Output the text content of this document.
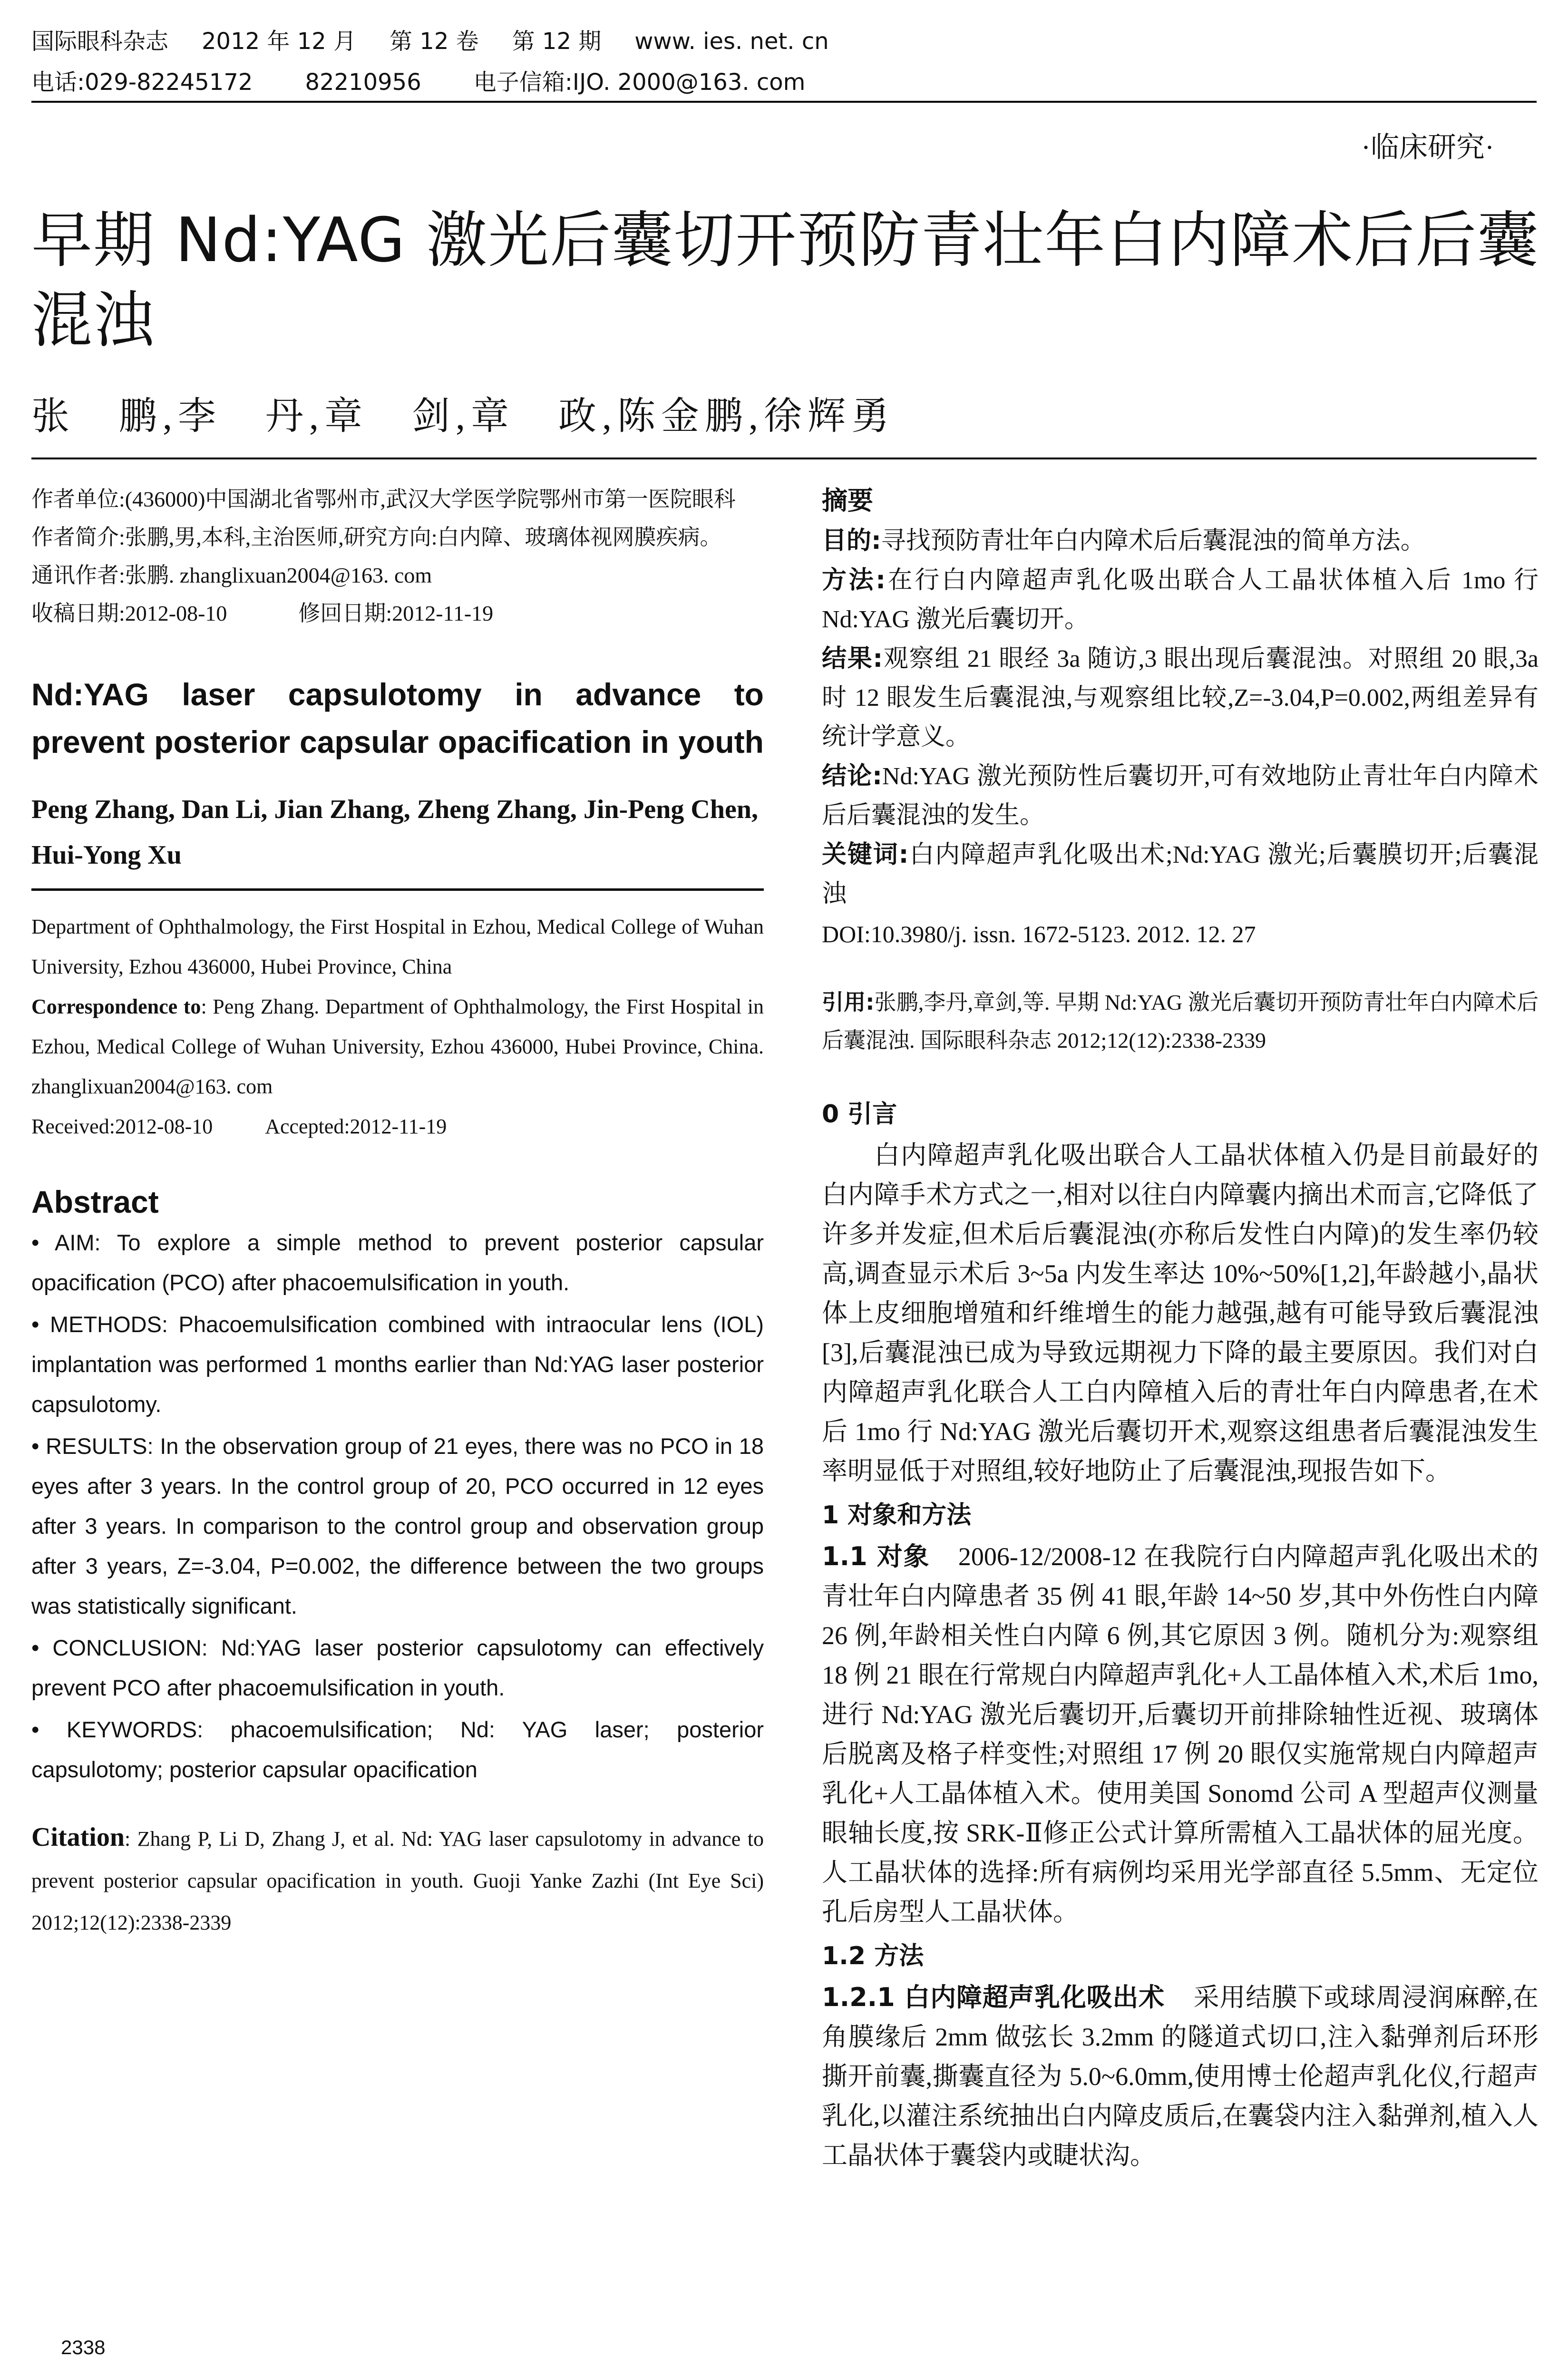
国际眼科杂志 2012 年 12 月 第 12 卷 第 12 期 www. ies. net. cn
电话:029-82245172 82210956 电子信箱:IJO. 2000@163. com
·临床研究·
早期 Nd:YAG 激光后囊切开预防青壮年白内障术后后囊混浊
张　鹏,李　丹,章　剑,章　政,陈金鹏,徐辉勇
作者单位:(436000)中国湖北省鄂州市,武汉大学医学院鄂州市第一医院眼科
作者简介:张鹏,男,本科,主治医师,研究方向:白内障、玻璃体视网膜疾病。
通讯作者:张鹏. zhanglixuan2004@163. com
收稿日期:2012-08-10	修回日期:2012-11-19
Nd:YAG laser capsulotomy in advance to prevent posterior capsular opacification in youth
Peng Zhang, Dan Li, Jian Zhang, Zheng Zhang, Jin-Peng Chen, Hui-Yong Xu
Department of Ophthalmology, the First Hospital in Ezhou, Medical College of Wuhan University, Ezhou 436000, Hubei Province, China
Correspondence to: Peng Zhang. Department of Ophthalmology, the First Hospital in Ezhou, Medical College of Wuhan University, Ezhou 436000, Hubei Province, China. zhanglixuan2004@163. com
Received:2012-08-10	Accepted:2012-11-19
Abstract

• AIM: To explore a simple method to prevent posterior capsular opacification (PCO) after phacoemulsification in youth.

• METHODS: Phacoemulsification combined with intraocular lens (IOL) implantation was performed 1 months earlier than Nd:YAG laser posterior capsulotomy.

• RESULTS: In the observation group of 21 eyes, there was no PCO in 18 eyes after 3 years. In the control group of 20, PCO occurred in 12 eyes after 3 years. In comparison to the control group and observation group after 3 years, Z=-3.04, P=0.002, the difference between the two groups was statistically significant.

• CONCLUSION: Nd:YAG laser posterior capsulotomy can effectively prevent PCO after phacoemulsification in youth.

• KEYWORDS: phacoemulsification; Nd: YAG laser; posterior capsulotomy; posterior capsular opacification

Citation: Zhang P, Li D, Zhang J, et al. Nd: YAG laser capsulotomy in advance to prevent posterior capsular opacification in youth. Guoji Yanke Zazhi (Int Eye Sci) 2012;12(12):2338-2339
摘要

目的:寻找预防青壮年白内障术后后囊混浊的简单方法。

方法:在行白内障超声乳化吸出联合人工晶状体植入后 1mo 行 Nd:YAG 激光后囊切开。

结果:观察组 21 眼经 3a 随访,3 眼出现后囊混浊。对照组 20 眼,3a 时 12 眼发生后囊混浊,与观察组比较,Z=-3.04,P=0.002,两组差异有统计学意义。

结论:Nd:YAG 激光预防性后囊切开,可有效地防止青壮年白内障术后后囊混浊的发生。

关键词:白内障超声乳化吸出术;Nd:YAG 激光;后囊膜切开;后囊混浊

DOI:10.3980/j. issn. 1672-5123. 2012. 12. 27
引用:张鹏,李丹,章剑,等. 早期 Nd:YAG 激光后囊切开预防青壮年白内障术后后囊混浊. 国际眼科杂志 2012;12(12):2338-2339
0 引言

白内障超声乳化吸出联合人工晶状体植入仍是目前最好的白内障手术方式之一,相对以往白内障囊内摘出术而言,它降低了许多并发症,但术后后囊混浊(亦称后发性白内障)的发生率仍较高,调查显示术后 3~5a 内发生率达 10%~50%[1,2],年龄越小,晶状体上皮细胞增殖和纤维增生的能力越强,越有可能导致后囊混浊[3],后囊混浊已成为导致远期视力下降的最主要原因。我们对白内障超声乳化联合人工白内障植入后的青壮年白内障患者,在术后 1mo 行 Nd:YAG 激光后囊切开术,观察这组患者后囊混浊发生率明显低于对照组,较好地防止了后囊混浊,现报告如下。

1 对象和方法

1.1 对象 2006-12/2008-12 在我院行白内障超声乳化吸出术的青壮年白内障患者 35 例 41 眼,年龄 14~50 岁,其中外伤性白内障 26 例,年龄相关性白内障 6 例,其它原因 3 例。随机分为:观察组 18 例 21 眼在行常规白内障超声乳化+人工晶体植入术,术后 1mo,进行 Nd:YAG 激光后囊切开,后囊切开前排除轴性近视、玻璃体后脱离及格子样变性;对照组 17 例 20 眼仅实施常规白内障超声乳化+人工晶体植入术。使用美国 Sonomd 公司 A 型超声仪测量眼轴长度,按 SRK-Ⅱ修正公式计算所需植入工晶状体的屈光度。人工晶状体的选择:所有病例均采用光学部直径 5.5mm、无定位孔后房型人工晶状体。

1.2 方法

1.2.1 白内障超声乳化吸出术 采用结膜下或球周浸润麻醉,在角膜缘后 2mm 做弦长 3.2mm 的隧道式切口,注入黏弹剂后环形撕开前囊,撕囊直径为 5.0~6.0mm,使用博士伦超声乳化仪,行超声乳化,以灌注系统抽出白内障皮质后,在囊袋内注入黏弹剂,植入人工晶状体于囊袋内或睫状沟。

2338
